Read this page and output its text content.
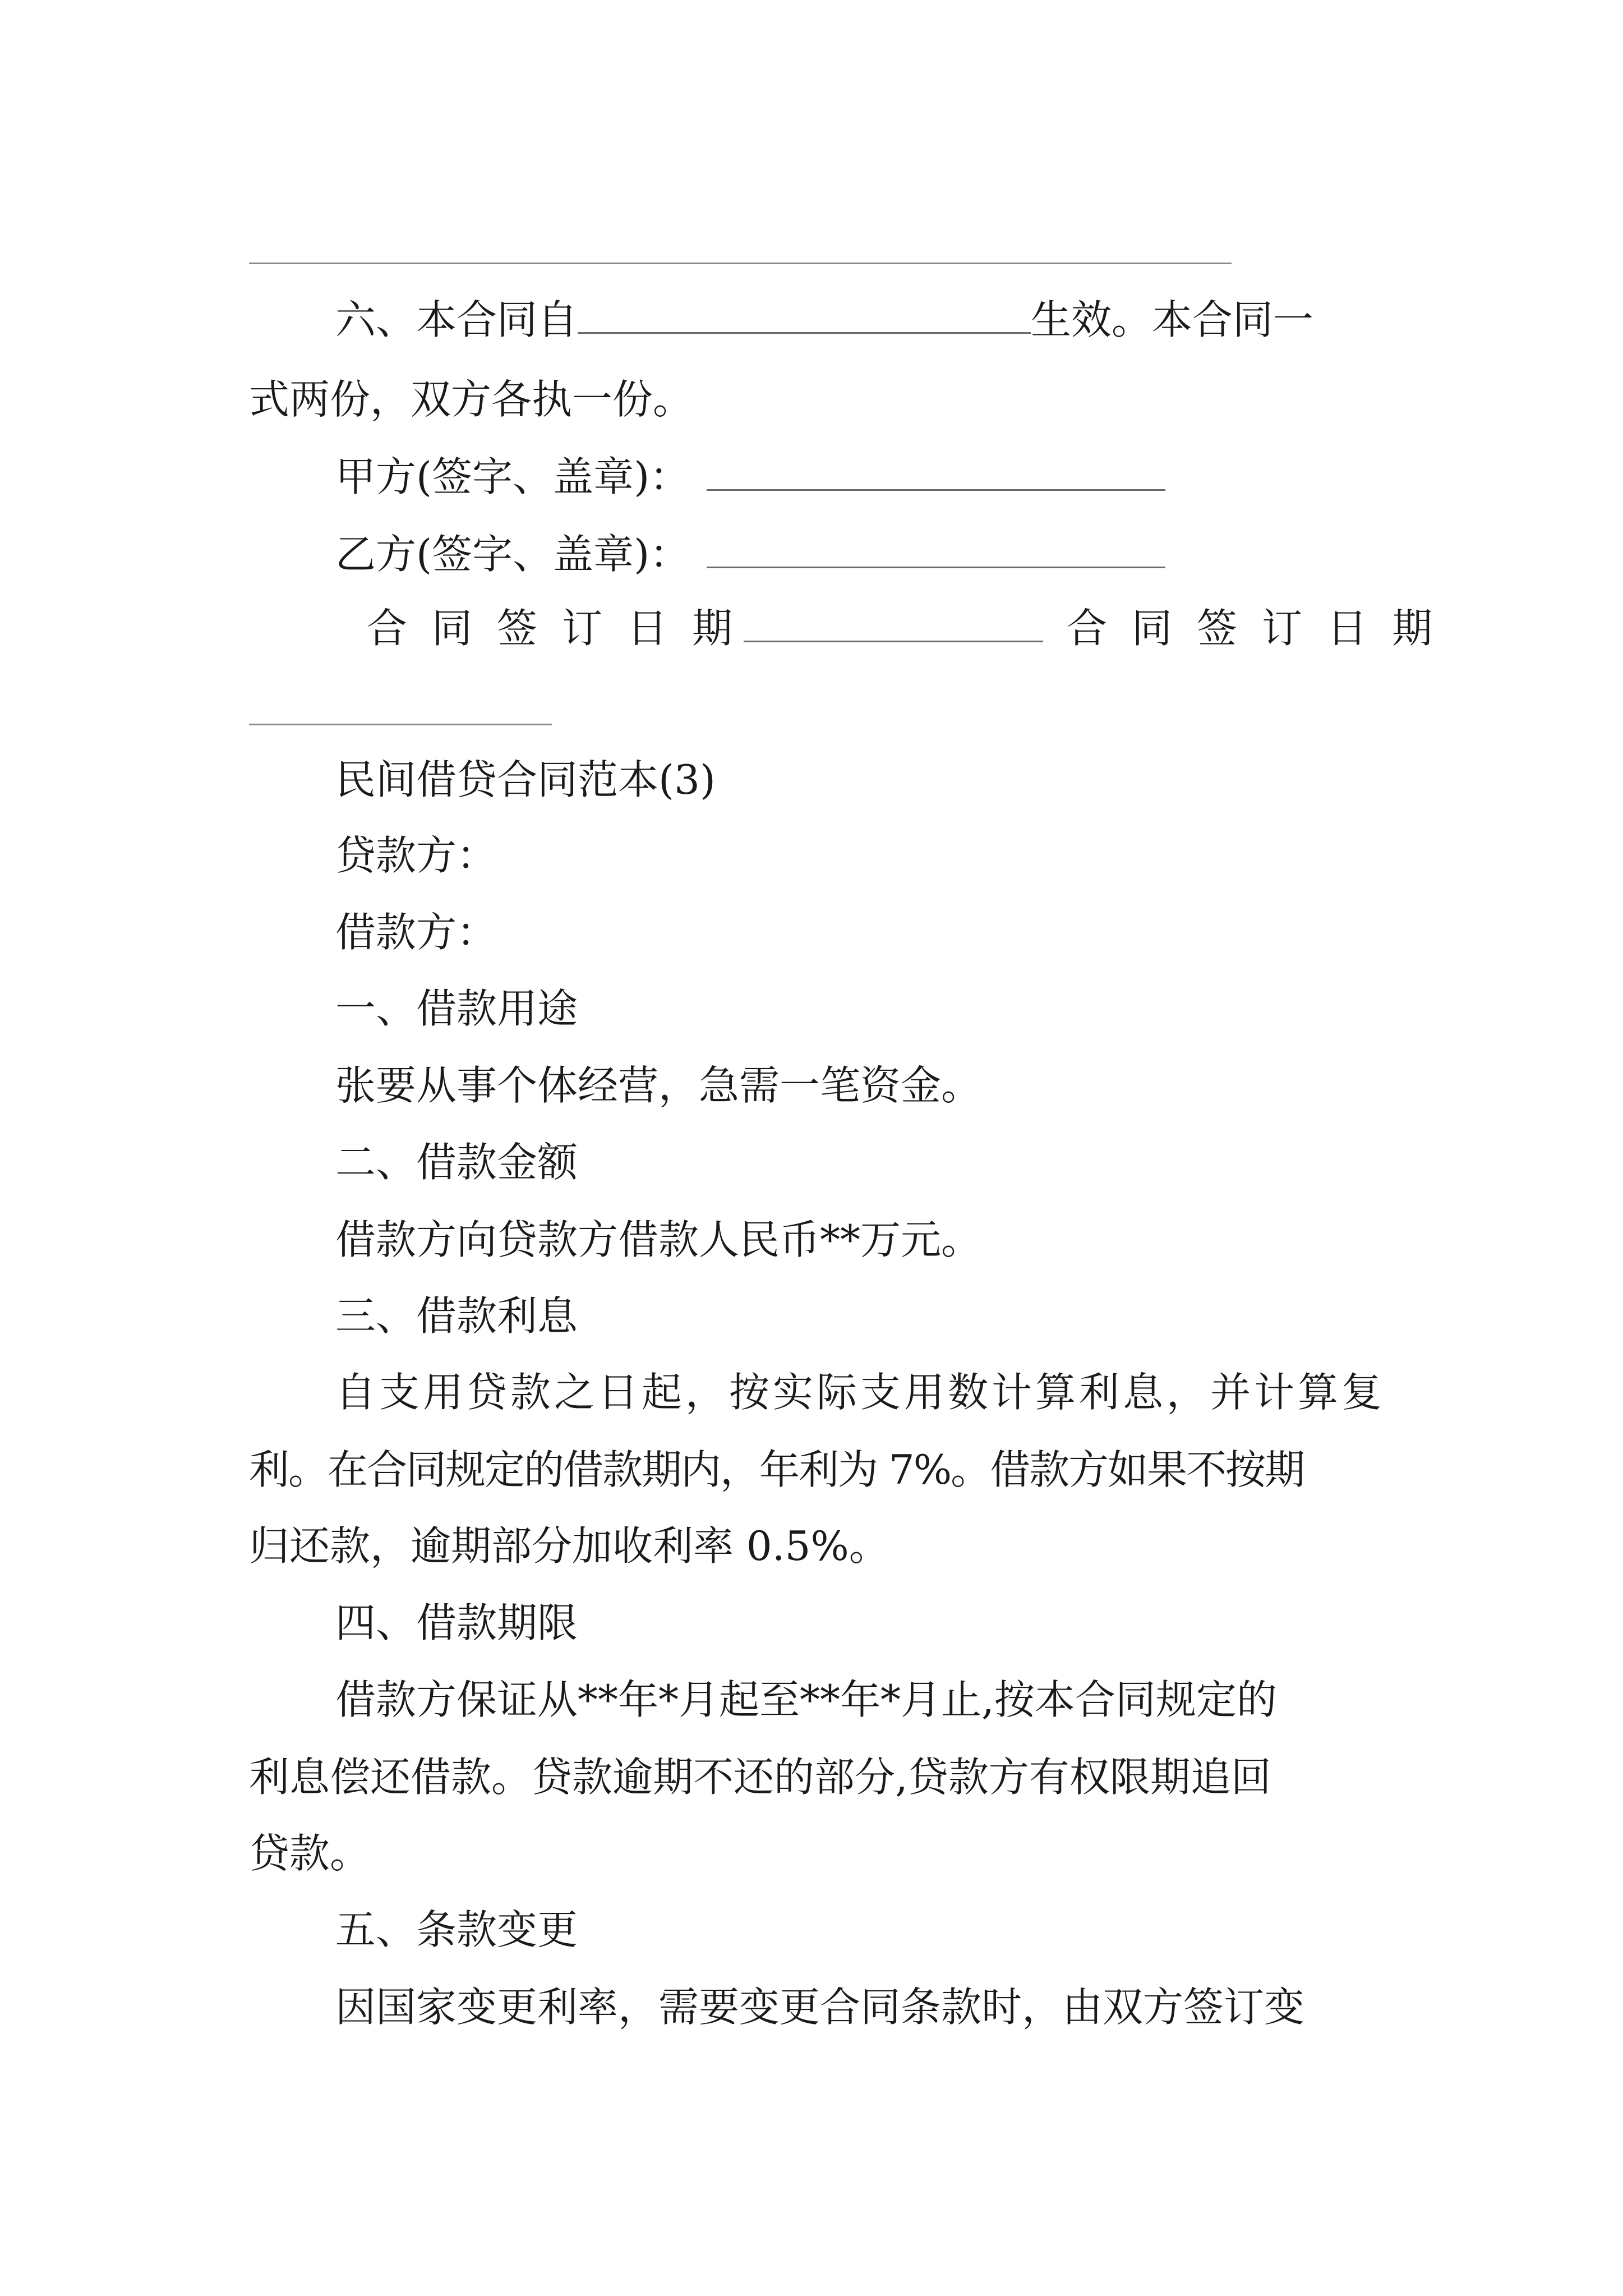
六、本合同自	生效。本合同一
式两份，双方各执一份。
甲方(签字、盖章)：
乙方(签字、盖章)：
合同签订日期	合同签订日期
民间借贷合同范本(3)
贷款方：
借款方：
一、借款用途
张要从事个体经营，急需一笔资金。
二、借款金额
借款方向贷款方借款人民币**万元。
三、借款利息
自支用贷款之日起，按实际支用数计算利息，并计算复
利。在合同规定的借款期内，年利为 7%。借款方如果不按期
归还款，逾期部分加收利率 0.5%。
四、借款期限
借款方保证从**年*月起至**年*月止,按本合同规定的
利息偿还借款。贷款逾期不还的部分,贷款方有权限期追回
贷款。
五、条款变更
因国家变更利率，需要变更合同条款时，由双方签订变
